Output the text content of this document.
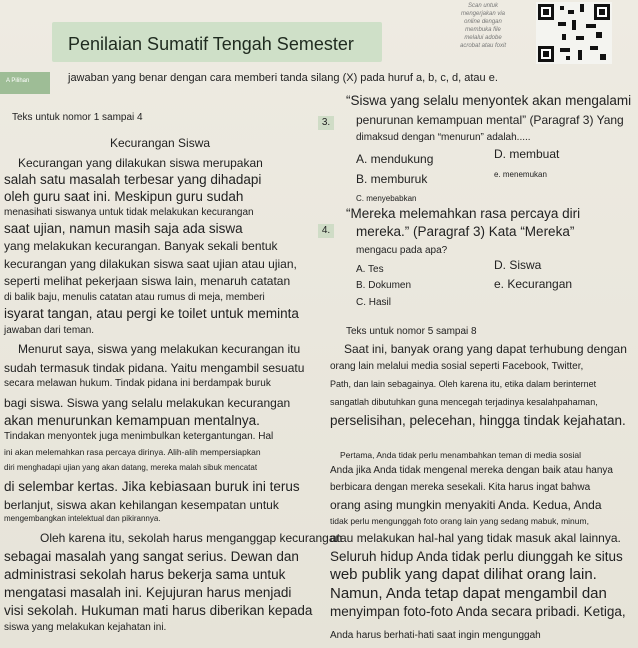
Penilaian Sumatif Tengah Semester
A Pilihan	jawaban yang benar dengan cara memberi tanda silang (X) pada huruf a, b, c, d, atau e.
Scan untuk
mengerjakan via
online dengan
membuka file
melalui adobe
acrobat atau foxit
Teks untuk nomor 1 sampai 4
Kecurangan Siswa
Kecurangan yang dilakukan siswa merupakan
salah satu masalah terbesar yang dihadapi
oleh guru saat ini. Meskipun guru sudah
menasihati siswanya untuk tidak melakukan kecurangan
saat ujian, namun masih saja ada siswa
yang melakukan kecurangan. Banyak sekali bentuk
kecurangan yang dilakukan siswa saat ujian atau ujian,
seperti melihat pekerjaan siswa lain, menaruh catatan
di balik baju, menulis catatan atau rumus di meja, memberi
isyarat tangan, atau pergi ke toilet untuk meminta
jawaban dari teman.
Menurut saya, siswa yang melakukan kecurangan itu
sudah termasuk tindak pidana. Yaitu mengambil sesuatu
secara melawan hukum. Tindak pidana ini berdampak buruk
bagi siswa. Siswa yang selalu melakukan kecurangan
akan menurunkan kemampuan mentalnya.
Tindakan menyontek juga menimbulkan ketergantungan. Hal
ini akan melemahkan rasa percaya dirinya. Alih-alih mempersiapkan
diri menghadapi ujian yang akan datang, mereka malah sibuk mencatat
di selembar kertas. Jika kebiasaan buruk ini terus
berlanjut, siswa akan kehilangan kesempatan untuk
mengembangkan intelektual dan pikirannya.
Oleh karena itu, sekolah harus menganggap kecurangan
sebagai masalah yang sangat serius. Dewan dan
administrasi sekolah harus bekerja sama untuk
mengatasi masalah ini. Kejujuran harus menjadi
visi sekolah. Hukuman mati harus diberikan kepada
siswa yang melakukan kejahatan ini.
3.
“Siswa yang selalu menyontek akan mengalami
penurunan kemampuan mental” (Paragraf 3) Yang
dimaksud dengan “menurun” adalah.....
A. mendukung
B. memburuk
C. menyebabkan
D. membuat
e. menemukan
4.
“Mereka melemahkan rasa percaya diri
mereka.” (Paragraf 3) Kata “Mereka”
mengacu pada apa?
A. Tes
B. Dokumen
C. Hasil
D. Siswa
e. Kecurangan
Teks untuk nomor 5 sampai 8
Saat ini, banyak orang yang dapat terhubung dengan
orang lain melalui media sosial seperti Facebook, Twitter,
Path, dan lain sebagainya. Oleh karena itu, etika dalam berinternet
sangatlah dibutuhkan guna mencegah terjadinya kesalahpahaman,
perselisihan, pelecehan, hingga tindak kejahatan.
Pertama, Anda tidak perlu menambahkan teman di media sosial
Anda jika Anda tidak mengenal mereka dengan baik atau hanya
berbicara dengan mereka sesekali. Kita harus ingat bahwa
orang asing mungkin menyakiti Anda. Kedua, Anda
tidak perlu mengunggah foto orang lain yang sedang mabuk, minum,
atau melakukan hal-hal yang tidak masuk akal lainnya.
Seluruh hidup Anda tidak perlu diunggah ke situs
web publik yang dapat dilihat orang lain.
Namun, Anda tetap dapat mengambil dan
menyimpan foto-foto Anda secara pribadi. Ketiga,
Anda harus berhati-hati saat ingin mengunggah
